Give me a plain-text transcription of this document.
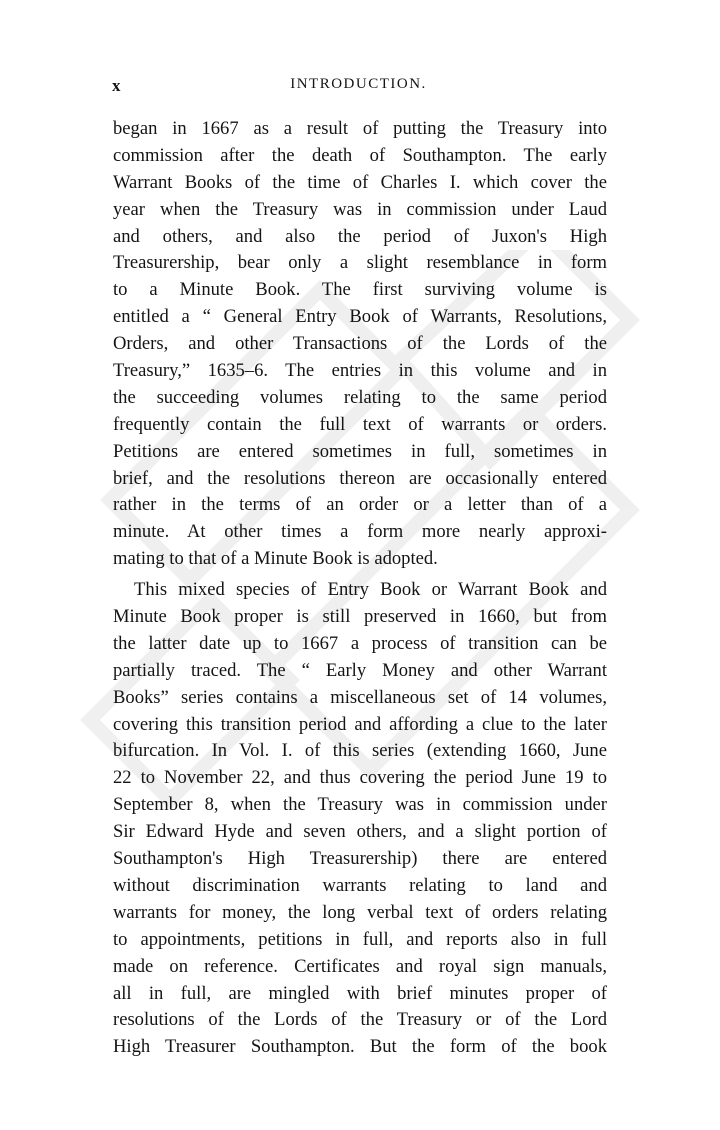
x	INTRODUCTION.
began in 1667 as a result of putting the Treasury into
commission after the death of Southampton. The early
Warrant Books of the time of Charles I. which cover the
year when the Treasury was in commission under Laud
and others, and also the period of Juxon's High
Treasurership, bear only a slight resemblance in form
to a Minute Book. The first surviving volume is
entitled a “ General Entry Book of Warrants, Resolutions,
Orders, and other Transactions of the Lords of the
Treasury,” 1635–6. The entries in this volume and in
the succeeding volumes relating to the same period
frequently contain the full text of warrants or orders.
Petitions are entered sometimes in full, sometimes in
brief, and the resolutions thereon are occasionally entered
rather in the terms of an order or a letter than of a
minute. At other times a form more nearly approxi-
mating to that of a Minute Book is adopted.
This mixed species of Entry Book or Warrant Book and
Minute Book proper is still preserved in 1660, but from
the latter date up to 1667 a process of transition can be
partially traced. The “ Early Money and other Warrant
Books” series contains a miscellaneous set of 14 volumes,
covering this transition period and affording a clue to the later
bifurcation. In Vol. I. of this series (extending 1660, June
22 to November 22, and thus covering the period June 19 to
September 8, when the Treasury was in commission under
Sir Edward Hyde and seven others, and a slight portion of
Southampton's High Treasurership) there are entered
without discrimination warrants relating to land and
warrants for money, the long verbal text of orders relating
to appointments, petitions in full, and reports also in full
made on reference. Certificates and royal sign manuals,
all in full, are mingled with brief minutes proper of
resolutions of the Lords of the Treasury or of the Lord
High Treasurer Southampton. But the form of the book
